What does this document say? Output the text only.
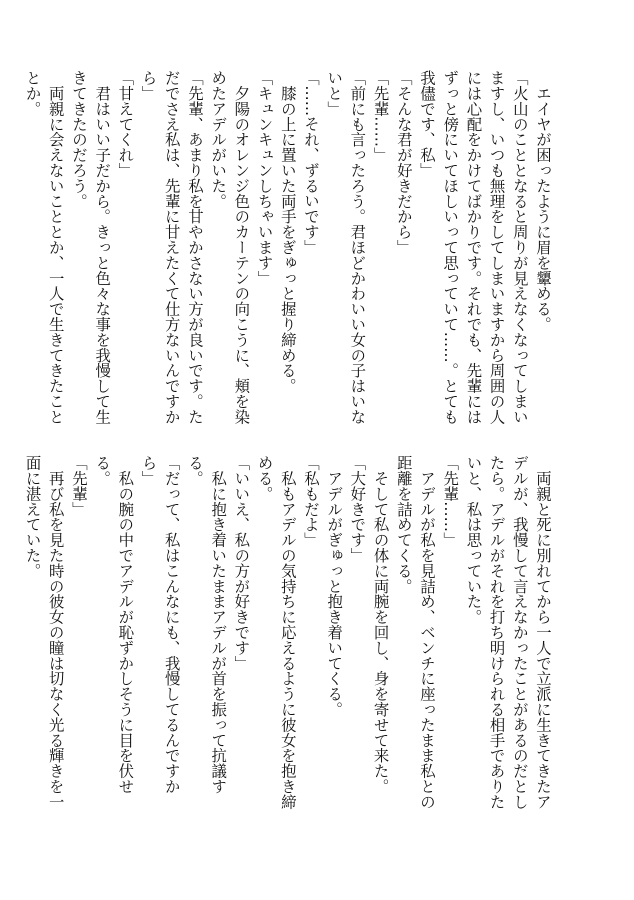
　エイヤが困ったように眉を顰める。
「火山のこととなると周りが見えなくなってしまい
ますし、いつも無理をしてしまいますから周囲の人
には心配をかけてばかりです。それでも、先輩には
ずっと傍にいてほしいって思っていて……。とても
我儘です、私」
「そんな君が好きだから」
「先輩……」
「前にも言ったろう。君ほどかわいい女の子はいな
いと」
「……それ、ずるいです」
　膝の上に置いた両手をぎゅっと握り締める。
「キュンキュンしちゃいます」
　夕陽のオレンジ色のカーテンの向こうに、頬を染
めたアデルがいた。
「先輩、あまり私を甘やかさない方が良いです。た
だでさえ私は、先輩に甘えたくて仕方ないんですか
ら」
「甘えてくれ」
　君はいい子だから。きっと色々な事を我慢して生
きてきたのだろう。
　両親に会えないこととか、一人で生きてきたこと
とか。
　両親と死に別れてから一人で立派に生きてきたア
デルが、我慢して言えなかったことがあるのだとし
たら。アデルがそれを打ち明けられる相手でありた
いと、私は思っていた。
「先輩……」
　アデルが私を見詰め、ベンチに座ったまま私との
距離を詰めてくる。
　そして私の体に両腕を回し、身を寄せて来た。
「大好きです」
　アデルがぎゅっと抱き着いてくる。
「私もだよ」
　私もアデルの気持ちに応えるように彼女を抱き締
める。
「いいえ、私の方が好きです」
　私に抱き着いたままアデルが首を振って抗議す
る。
「だって、私はこんなにも、我慢してるんですか
ら」
　私の腕の中でアデルが恥ずかしそうに目を伏せ
る。
「先輩」
　再び私を見た時の彼女の瞳は切なく光る輝きを一
面に湛えていた。
